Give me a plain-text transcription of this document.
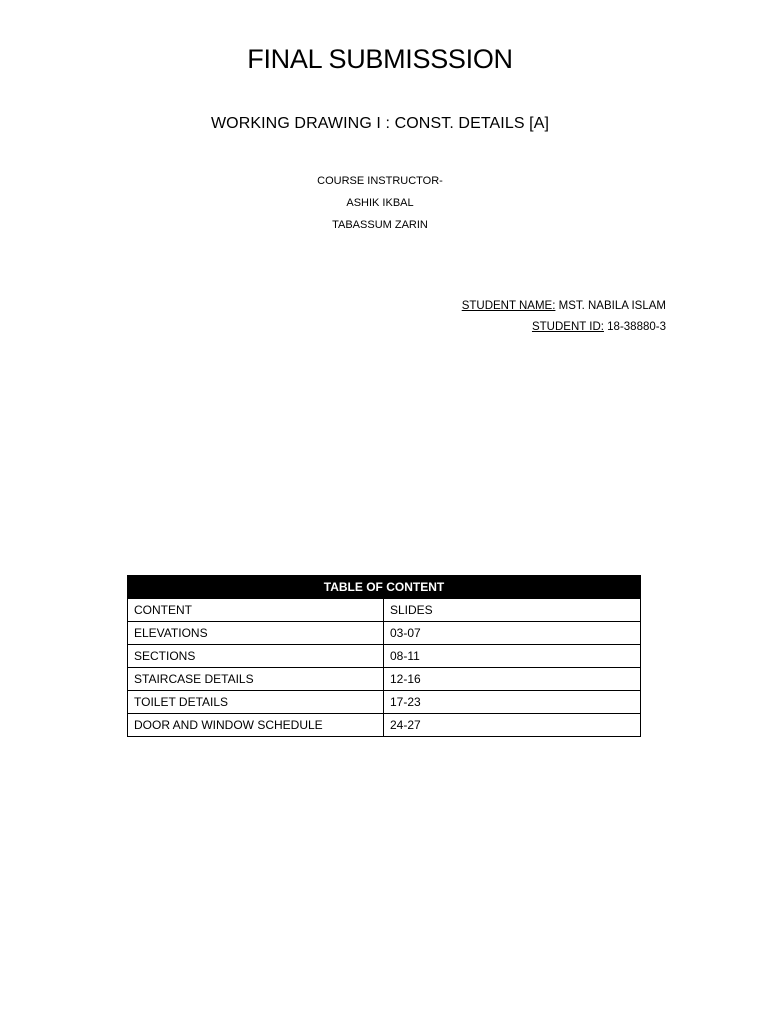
FINAL SUBMISSSION
WORKING DRAWING I : CONST. DETAILS [A]
COURSE INSTRUCTOR-
ASHIK IKBAL
TABASSUM ZARIN
STUDENT NAME: MST. NABILA ISLAM
STUDENT ID: 18-38880-3
TABLE OF CONTENT	
CONTENT	SLIDES
ELEVATIONS	03-07
SECTIONS	08-11
STAIRCASE DETAILS	12-16
TOILET DETAILS	17-23
DOOR AND WINDOW SCHEDULE	24-27
